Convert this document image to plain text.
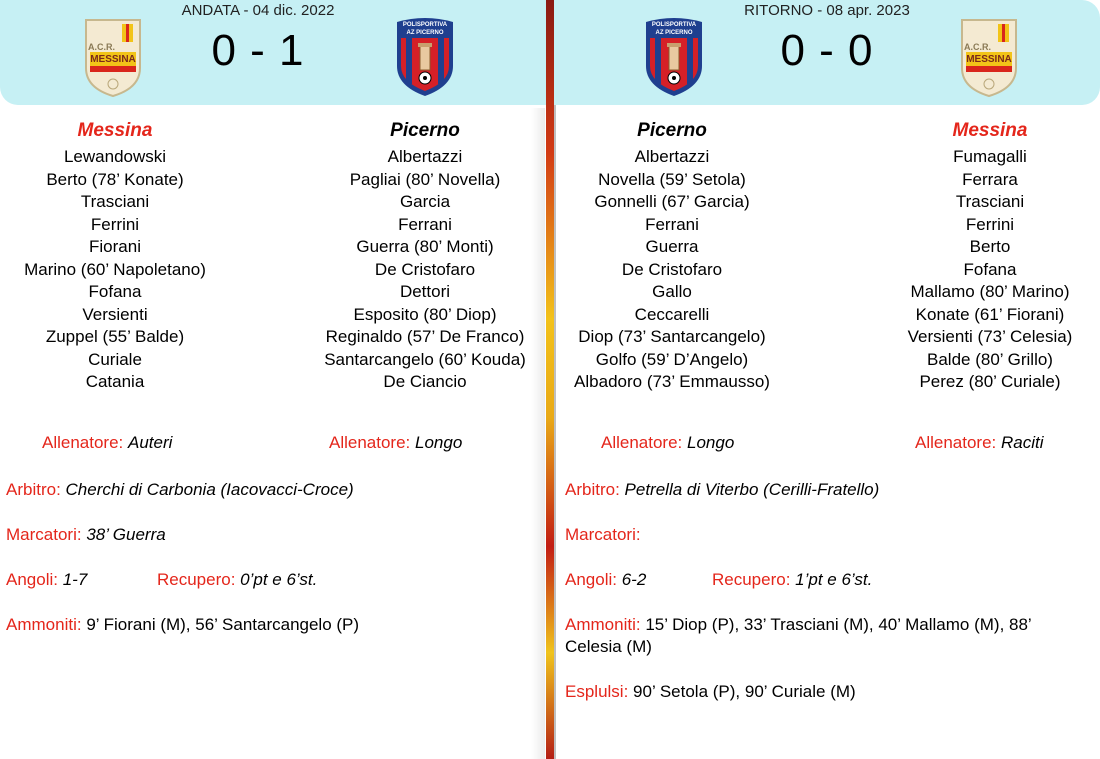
ANDATA - 04 dic. 2022
0 - 1
A.C.R.
MESSINA
POLISPORTIVA
AZ PICERNO
Messina
Lewandowski
Berto (78’ Konate)
Trasciani
Ferrini
Fiorani
Marino (60’ Napoletano)
Fofana
Versienti
Zuppel (55’ Balde)
Curiale
Catania
Picerno
Albertazzi
Pagliai (80’ Novella)
Garcia
Ferrani
Guerra (80’ Monti)
De Cristofaro
Dettori
Esposito (80’ Diop)
Reginaldo (57’ De Franco)
Santarcangelo (60’ Kouda)
De Ciancio
Allenatore: Auteri	Allenatore: Longo
Arbitro: Cherchi di Carbonia (Iacovacci-Croce)
Marcatori: 38’ Guerra
Angoli: 1-7	Recupero: 0’pt e 6’st.
Ammoniti: 9’ Fiorani (M), 56’ Santarcangelo (P)
RITORNO - 08 apr. 2023
0 - 0
POLISPORTIVA
AZ PICERNO
A.C.R.
MESSINA
Picerno
Albertazzi
Novella (59’ Setola)
Gonnelli (67’ Garcia)
Ferrani
Guerra
De Cristofaro
Gallo
Ceccarelli
Diop (73’ Santarcangelo)
Golfo (59’ D’Angelo)
Albadoro (73’ Emmausso)
Messina
Fumagalli
Ferrara
Trasciani
Ferrini
Berto
Fofana
Mallamo (80’ Marino)
Konate (61’ Fiorani)
Versienti (73’ Celesia)
Balde (80’ Grillo)
Perez (80’ Curiale)
Allenatore: Longo	Allenatore: Raciti
Arbitro: Petrella di Viterbo (Cerilli-Fratello)
Marcatori:
Angoli: 6-2	Recupero: 1’pt e 6’st.
Ammoniti: 15’ Diop (P), 33’ Trasciani (M), 40’ Mallamo (M), 88’ Celesia (M)
Esplulsi: 90’ Setola (P), 90’ Curiale (M)
